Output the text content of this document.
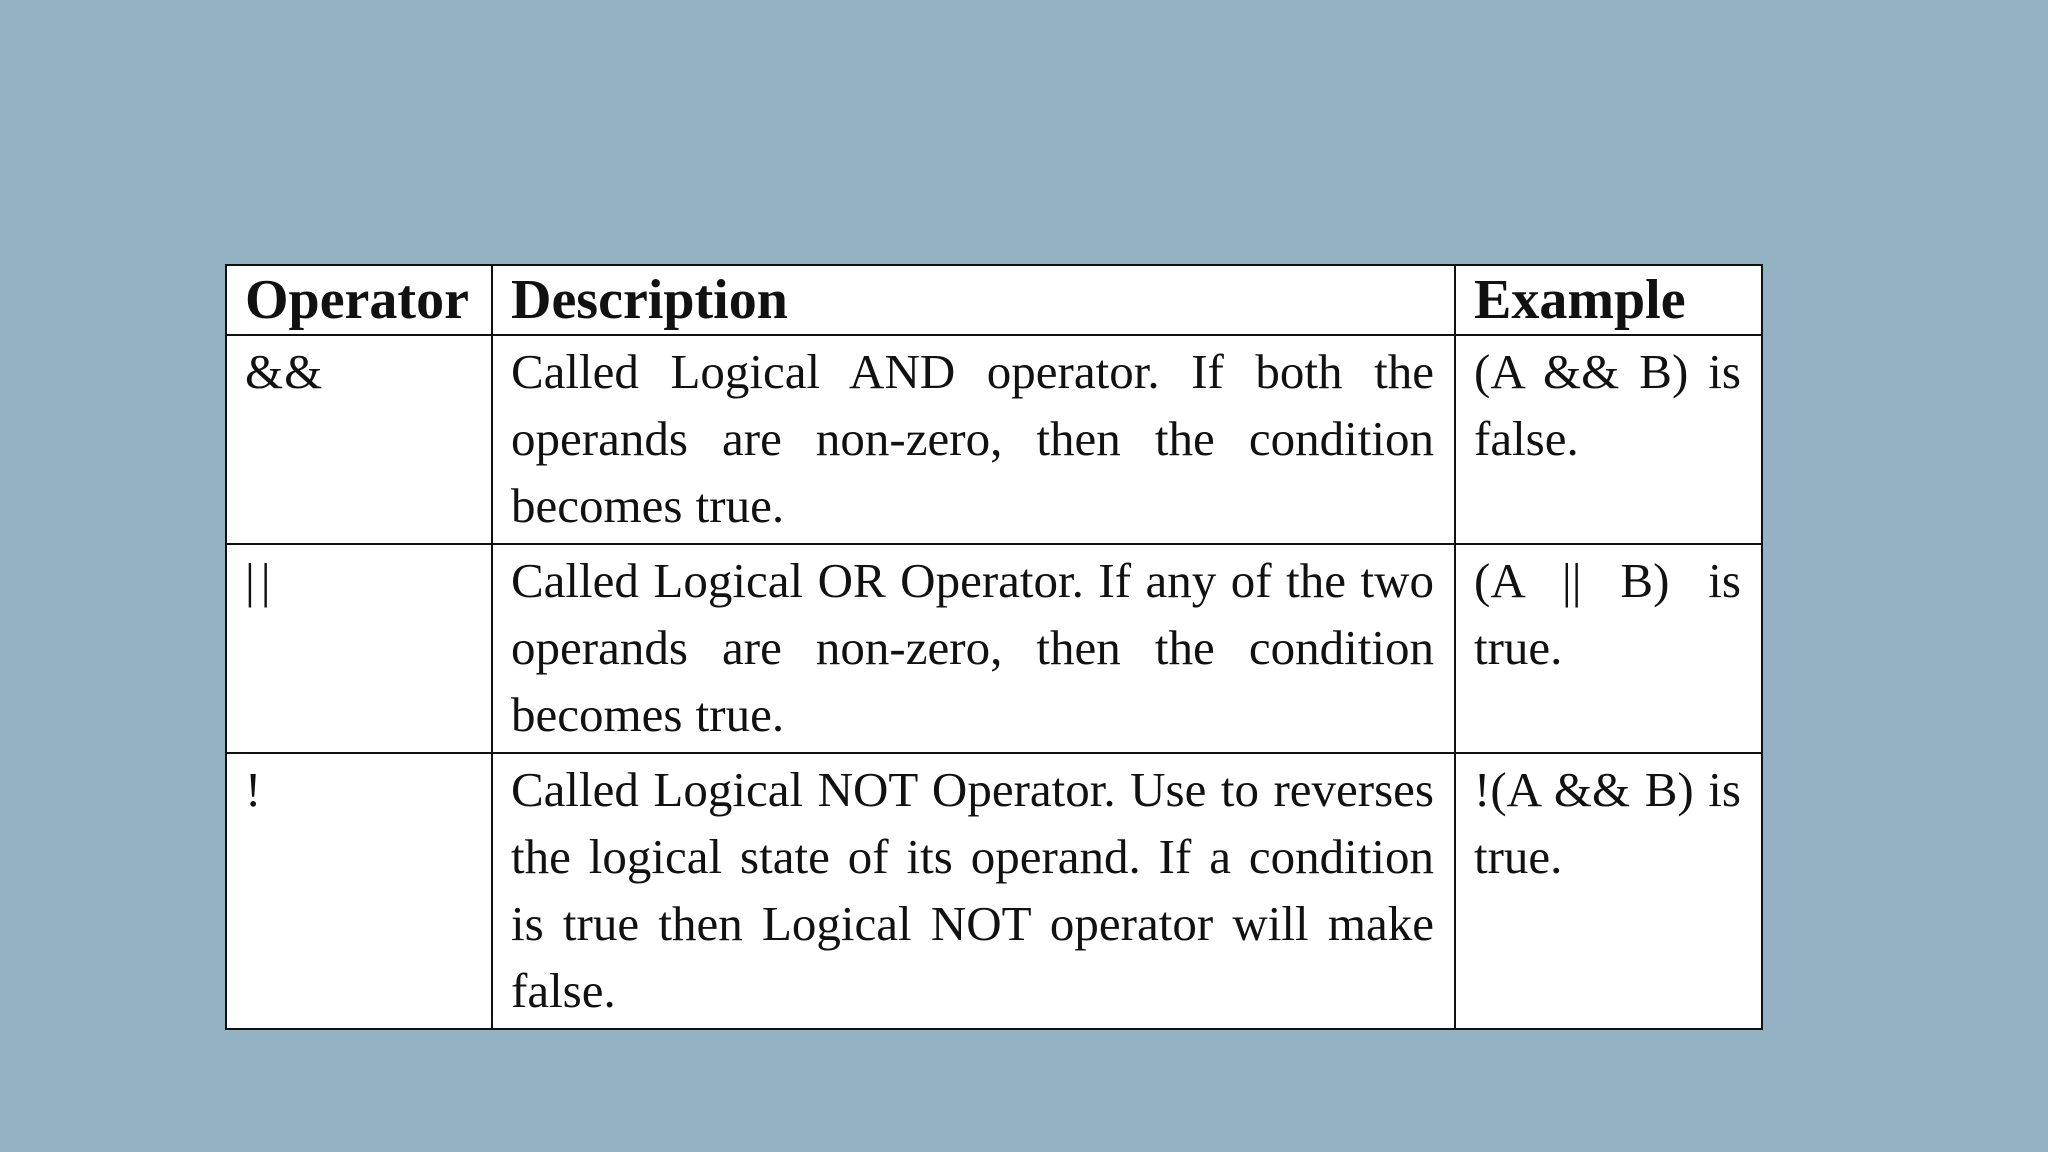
Operator	Description	Example
&&	Called Logical AND operator. If both the operands are non-zero, then the condition becomes true.	(A && B) is false.
||	Called Logical OR Operator. If any of the two operands are non-zero, then the condition becomes true.	(A || B) is true.
!	Called Logical NOT Operator. Use to reverses the logical state of its operand. If a condition is true then Logical NOT operator will make false.	!(A && B) is true.
